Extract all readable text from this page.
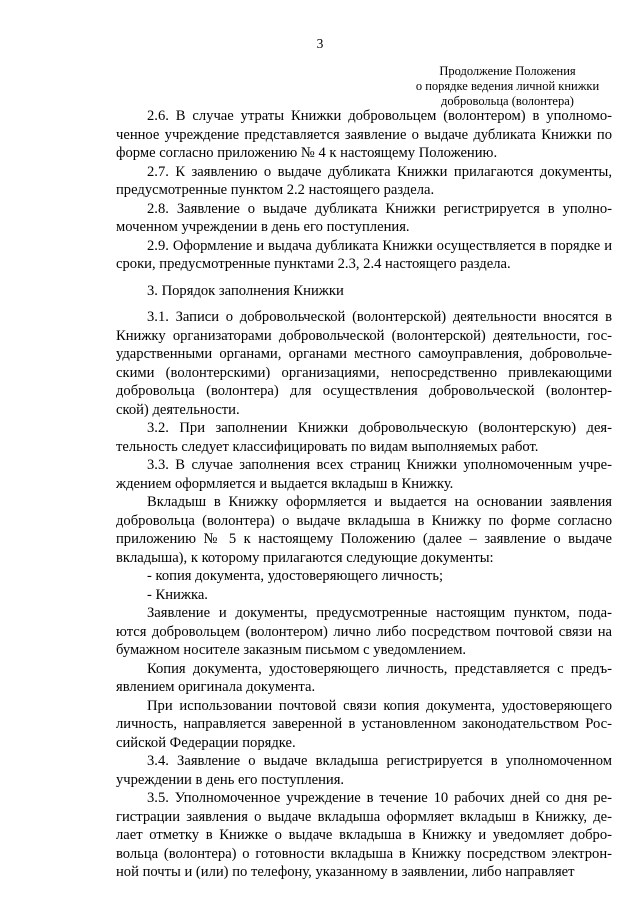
3
Продолжение Положения
о порядке ведения личной книжки
добровольца (волонтера)

2.6. В случае утраты Книжки добровольцем (волонтером) в уполномо-
ченное учреждение представляется заявление о выдаче дубликата Книжки по
форме согласно приложению № 4 к настоящему Положению.

2.7. К заявлению о выдаче дубликата Книжки прилагаются документы,
предусмотренные пунктом 2.2 настоящего раздела.

2.8. Заявление о выдаче дубликата Книжки регистрируется в уполно-
моченном учреждении в день его поступления.

2.9. Оформление и выдача дубликата Книжки осуществляется в порядке и
сроки, предусмотренные пунктами 2.3, 2.4 настоящего раздела.

3. Порядок заполнения Книжки

3.1. Записи о добровольческой (волонтерской) деятельности вносятся в
Книжку организаторами добровольческой (волонтерской) деятельности, гос-
ударственными органами, органами местного самоуправления, добровольче-
скими (волонтерскими) организациями, непосредственно привлекающими
добровольца (волонтера) для осуществления добровольческой (волонтер-
ской) деятельности.

3.2. При заполнении Книжки добровольческую (волонтерскую) дея-
тельность следует классифицировать по видам выполняемых работ.

3.3. В случае заполнения всех страниц Книжки уполномоченным учре-
ждением оформляется и выдается вкладыш в Книжку.

Вкладыш в Книжку оформляется и выдается на основании заявления
добровольца (волонтера) о выдаче вкладыша в Книжку по форме согласно
приложению № 5 к настоящему Положению (далее – заявление о выдаче
вкладыша), к которому прилагаются следующие документы:

- копия документа, удостоверяющего личность;

- Книжка.

Заявление и документы, предусмотренные настоящим пунктом, пода-
ются добровольцем (волонтером) лично либо посредством почтовой связи на
бумажном носителе заказным письмом с уведомлением.

Копия документа, удостоверяющего личность, представляется с предъ-
явлением оригинала документа.

При использовании почтовой связи копия документа, удостоверяющего
личность, направляется заверенной в установленном законодательством Рос-
сийской Федерации порядке.

3.4. Заявление о выдаче вкладыша регистрируется в уполномоченном
учреждении в день его поступления.

3.5. Уполномоченное учреждение в течение 10 рабочих дней со дня ре-
гистрации заявления о выдаче вкладыша оформляет вкладыш в Книжку, де-
лает отметку в Книжке о выдаче вкладыша в Книжку и уведомляет добро-
вольца (волонтера) о готовности вкладыша в Книжку посредством электрон-
ной почты и (или) по телефону, указанному в заявлении, либо направляет
